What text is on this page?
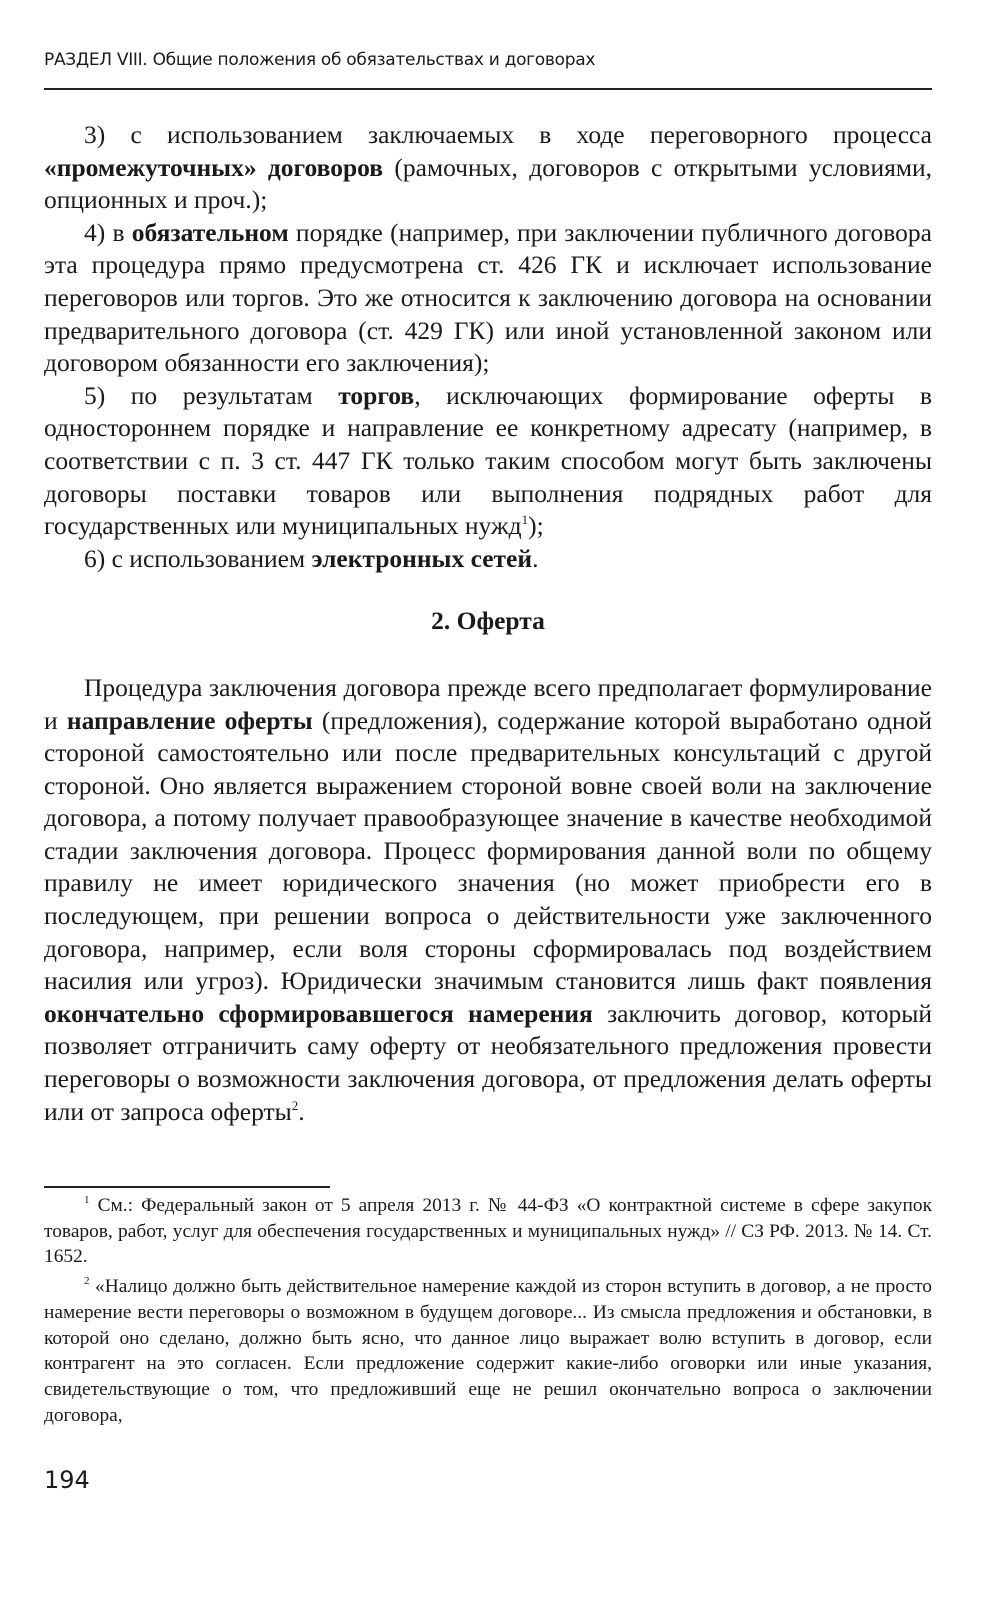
РАЗДЕЛ VIII. Общие положения об обязательствах и договорах

3) с использованием заключаемых в ходе переговорного процесса «промежуточных» договоров (рамочных, договоров с открытыми условиями, опционных и проч.);

4) в обязательном порядке (например, при заключении публичного договора эта процедура прямо предусмотрена ст. 426 ГК и исключает использование переговоров или торгов. Это же относится к заключению договора на основании предварительного договора (ст. 429 ГК) или иной установленной законом или договором обязанности его заключения);

5) по результатам торгов, исключающих формирование оферты в одностороннем порядке и направление ее конкретному адресату (например, в соответствии с п. 3 ст. 447 ГК только таким способом могут быть заключены договоры поставки товаров или выполнения подрядных работ для государственных или муниципальных нужд$^1$);

6) с использованием электронных сетей.

2. Оферта

Процедура заключения договора прежде всего предполагает формулирование и направление оферты (предложения), содержание которой выработано одной стороной самостоятельно или после предварительных консультаций с другой стороной. Оно является выражением стороной вовне своей воли на заключение договора, а потому получает правообразующее значение в качестве необходимой стадии заключения договора. Процесс формирования данной воли по общему правилу не имеет юридического значения (но может приобрести его в последующем, при решении вопроса о действительности уже заключенного договора, например, если воля стороны сформировалась под воздействием насилия или угроз). Юридически значимым становится лишь факт появления окончательно сформировавшегося намерения заключить договор, который позволяет отграничить саму оферту от необязательного предложения провести переговоры о возможности заключения договора, от предложения делать оферты или от запроса оферты$^2$.

$^1$ См.: Федеральный закон от 5 апреля 2013 г. № 44-ФЗ «О контрактной системе в сфере закупок товаров, работ, услуг для обеспечения государственных и муниципальных нужд» // СЗ РФ. 2013. № 14. Ст. 1652.

$^2$ «Налицо должно быть действительное намерение каждой из сторон вступить в договор, а не просто намерение вести переговоры о возможном в будущем договоре... Из смысла предложения и обстановки, в которой оно сделано, должно быть ясно, что данное лицо выражает волю вступить в договор, если контрагент на это согласен. Если предложение содержит какие-либо оговорки или иные указания, свидетельствующие о том, что предложивший еще не решил окончательно вопроса о заключении договора,

194
